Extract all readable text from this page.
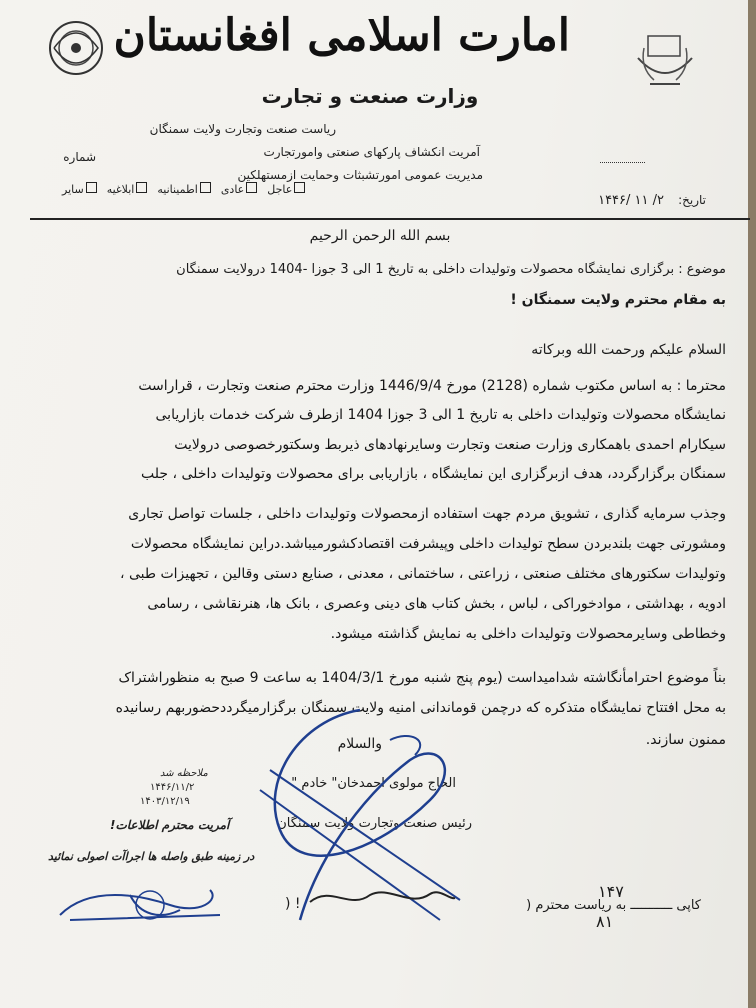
امارت اسلامی افغانستان
وزارت صنعت و تجارت
ریاست صنعت وتجارت ولایت سمنگان
آمریت انکشاف پارکهای صنعتی وامورتجارت
مدیریت عمومی امورتشبثات وحمایت ازمستهلکین
شماره
تاریخ:
۱۴۴۶/ ۱۱ /۲
عاجل
عادی
اطمینانیه
ابلاغیه
سایر
بسم الله الرحمن الرحیم
موضوع : برگزاری نمایشگاه محصولات وتولیدات داخلی به تاریخ 1 الی 3 جوزا -1404 درولایت سمنگان
به مقام محترم ولایت سمنگان !
السلام علیکم ورحمت الله وبرکاته
محترما : به اساس مکتوب شماره (2128) مورخ 1446/9/4 وزارت محترم صنعت وتجارت ، قراراست
نمایشگاه محصولات وتولیدات داخلی به تاریخ 1 الی 3 جوزا 1404 ازطرف شرکت خدمات بازاریابی
سیکارام احمدی باهمکاری وزارت صنعت وتجارت وسایرنهادهای ذیربط وسکتورخصوصی درولایت
سمنگان برگزارگردد، هدف ازبرگزاری این نمایشگاه ، بازاریابی برای محصولات وتولیدات داخلی ، جلب
وجذب سرمایه گذاری ، تشویق مردم جهت استفاده ازمحصولات وتولیدات داخلی ، جلسات تواصل تجاری
ومشورتی جهت بلندبردن سطح تولیدات داخلی وپیشرفت اقتصادکشورمیباشد.دراین نمایشگاه محصولات
وتولیدات سکتورهای مختلف صنعتی ، زراعتی ، ساختمانی ، معدنی ، صنایع دستی وقالین ، تجهیزات طبی ،
ادویه ، بهداشتی ، موادخوراکی ، لباس ، بخش کتاب های دینی وعصری ، بانک ها، هنرنقاشی ، رسامی
وخطاطی وسایرمحصولات وتولیدات داخلی به نمایش گذاشته میشود.
بناً موضوع احترامأنگاشته شدامیداست (یوم پنج شنبه مورخ 1404/3/1 به ساعت 9 صبح به منظوراشتراک
به محل افتتاح نمایشگاه متذکره که درچمن قوماندانی امنیه ولایت سمنگان برگزارمیگرددحضوربهم رسانیده
ممنون سازند.
والسلام
الحاج مولوی احمدخان" خادم "
رئیس صنعت وتجارت ولایت سمنگان
ملاحظه شد
۱۴۴۶/۱۱/۲
۱۴۰۳/۱۲/۱۹
آمریت محترم اطلاعات!
در زمینه طبق واصله ها اجراآت اصولی نمائید
کاپی ـــــــــــ به ریاست محترم (
۱۴۷
۸۱
) !
